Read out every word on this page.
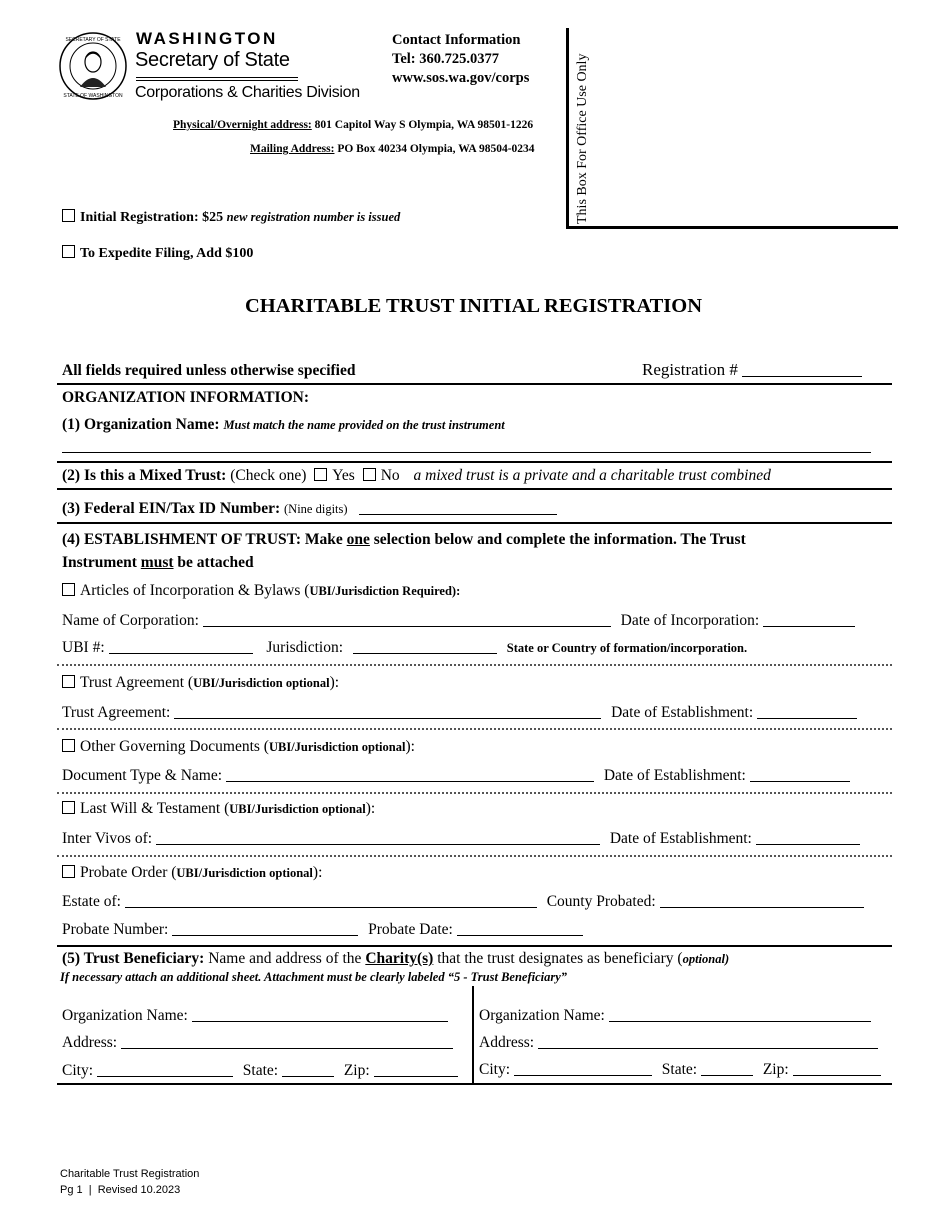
SECRETARY OF STATE
STATE OF WASHINGTON
WASHINGTON
Secretary of State
Corporations & Charities Division
Contact Information
Tel: 360.725.0377
www.sos.wa.gov/corps
Physical/Overnight address: 801 Capitol Way S Olympia, WA 98501-1226
Mailing Address: PO Box 40234 Olympia, WA 98504-0234	This Box For Office Use Only
Initial Registration: $25 new registration number is issued
To Expedite Filing, Add $100
CHARITABLE TRUST INITIAL REGISTRATION
All fields required unless otherwise specified	Registration #
ORGANIZATION INFORMATION:
(1) Organization Name: Must match the name provided on the trust instrument
(2) Is this a Mixed Trust: (Check one) Yes No a mixed trust is a private and a charitable trust combined
(3) Federal EIN/Tax ID Number: (Nine digits)
(4) ESTABLISHMENT OF TRUST: Make one selection below and complete the information. The Trust
Instrument must be attached
Articles of Incorporation & Bylaws (UBI/Jurisdiction Required):
Name of Corporation:	Date of Incorporation:
UBI #:	Jurisdiction:	State or Country of formation/incorporation.
Trust Agreement (UBI/Jurisdiction optional):
Trust Agreement:	Date of Establishment:
Other Governing Documents (UBI/Jurisdiction optional):
Document Type & Name:	Date of Establishment:
Last Will & Testament (UBI/Jurisdiction optional):
Inter Vivos of:	Date of Establishment:
Probate Order (UBI/Jurisdiction optional):
Estate of:	County Probated:
Probate Number:	Probate Date:
(5) Trust Beneficiary: Name and address of the Charity(s) that the trust designates as beneficiary (optional)
If necessary attach an additional sheet. Attachment must be clearly labeled “5 - Trust Beneficiary”
Organization Name:
Address:
City:	State:	Zip:
Organization Name:
Address:
City:	State:	Zip:
Charitable Trust Registration
Pg 1  |  Revised 10.2023
